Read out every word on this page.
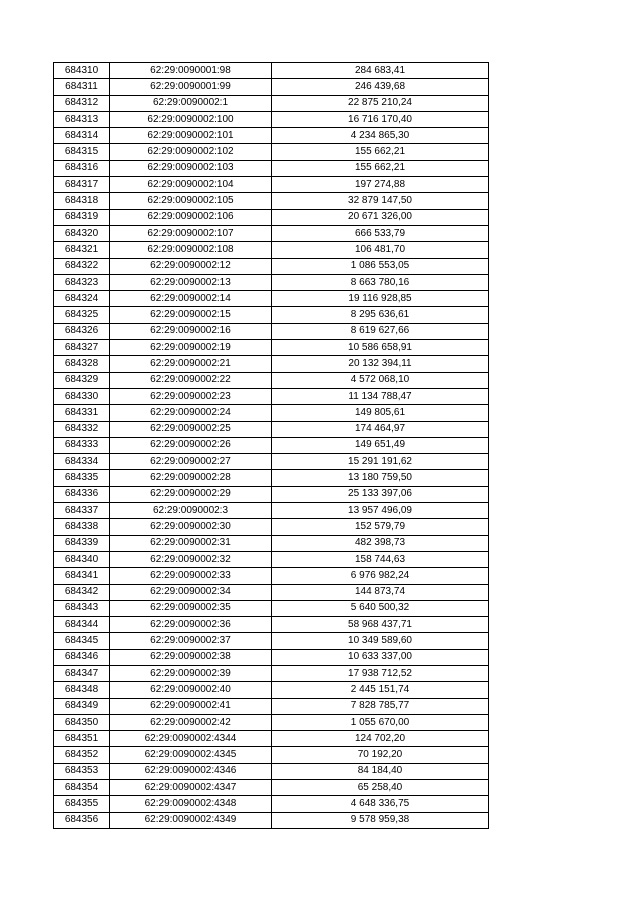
684310	62:29:0090001:98	284 683,41
684311	62:29:0090001:99	246 439,68
684312	62:29:0090002:1	22 875 210,24
684313	62:29:0090002:100	16 716 170,40
684314	62:29:0090002:101	4 234 865,30
684315	62:29:0090002:102	155 662,21
684316	62:29:0090002:103	155 662,21
684317	62:29:0090002:104	197 274,88
684318	62:29:0090002:105	32 879 147,50
684319	62:29:0090002:106	20 671 326,00
684320	62:29:0090002:107	666 533,79
684321	62:29:0090002:108	106 481,70
684322	62:29:0090002:12	1 086 553,05
684323	62:29:0090002:13	8 663 780,16
684324	62:29:0090002:14	19 116 928,85
684325	62:29:0090002:15	8 295 636,61
684326	62:29:0090002:16	8 619 627,66
684327	62:29:0090002:19	10 586 658,91
684328	62:29:0090002:21	20 132 394,11
684329	62:29:0090002:22	4 572 068,10
684330	62:29:0090002:23	11 134 788,47
684331	62:29:0090002:24	149 805,61
684332	62:29:0090002:25	174 464,97
684333	62:29:0090002:26	149 651,49
684334	62:29:0090002:27	15 291 191,62
684335	62:29:0090002:28	13 180 759,50
684336	62:29:0090002:29	25 133 397,06
684337	62:29:0090002:3	13 957 496,09
684338	62:29:0090002:30	152 579,79
684339	62:29:0090002:31	482 398,73
684340	62:29:0090002:32	158 744,63
684341	62:29:0090002:33	6 976 982,24
684342	62:29:0090002:34	144 873,74
684343	62:29:0090002:35	5 640 500,32
684344	62:29:0090002:36	58 968 437,71
684345	62:29:0090002:37	10 349 589,60
684346	62:29:0090002:38	10 633 337,00
684347	62:29:0090002:39	17 938 712,52
684348	62:29:0090002:40	2 445 151,74
684349	62:29:0090002:41	7 828 785,77
684350	62:29:0090002:42	1 055 670,00
684351	62:29:0090002:4344	124 702,20
684352	62:29:0090002:4345	70 192,20
684353	62:29:0090002:4346	84 184,40
684354	62:29:0090002:4347	65 258,40
684355	62:29:0090002:4348	4 648 336,75
684356	62:29:0090002:4349	9 578 959,38
